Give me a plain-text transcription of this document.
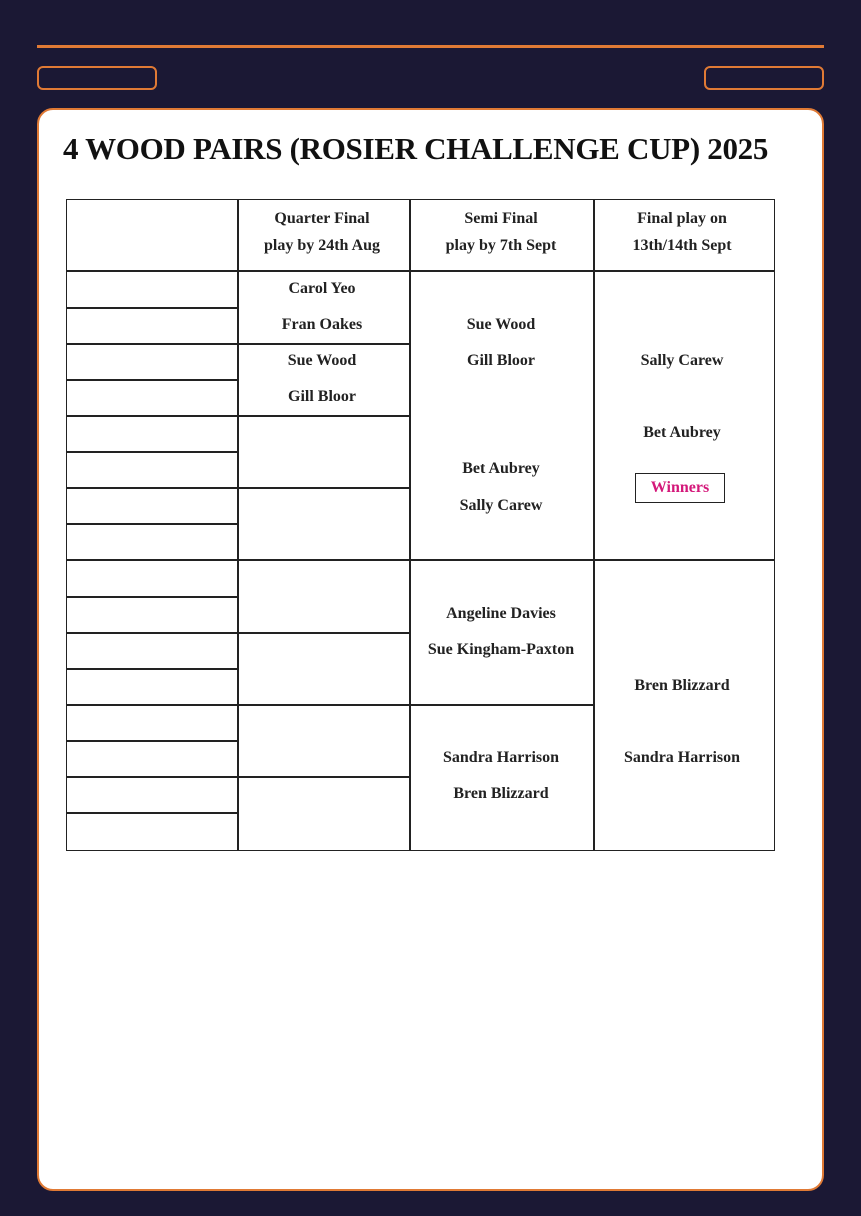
4 WOOD PAIRS (ROSIER CHALLENGE CUP) 2025
Quarter Final
play by 24th Aug
Semi Final
play by 7th Sept
Final play on
13th/14th Sept
Carol Yeo
Fran Oakes
Sue Wood
Gill Bloor
Sue Wood
Gill Bloor
Bet Aubrey
Sally Carew
Angeline Davies
Sue Kingham-Paxton
Sandra Harrison
Bren Blizzard
Sally Carew
Bet Aubrey
Winners
Bren Blizzard
Sandra Harrison
